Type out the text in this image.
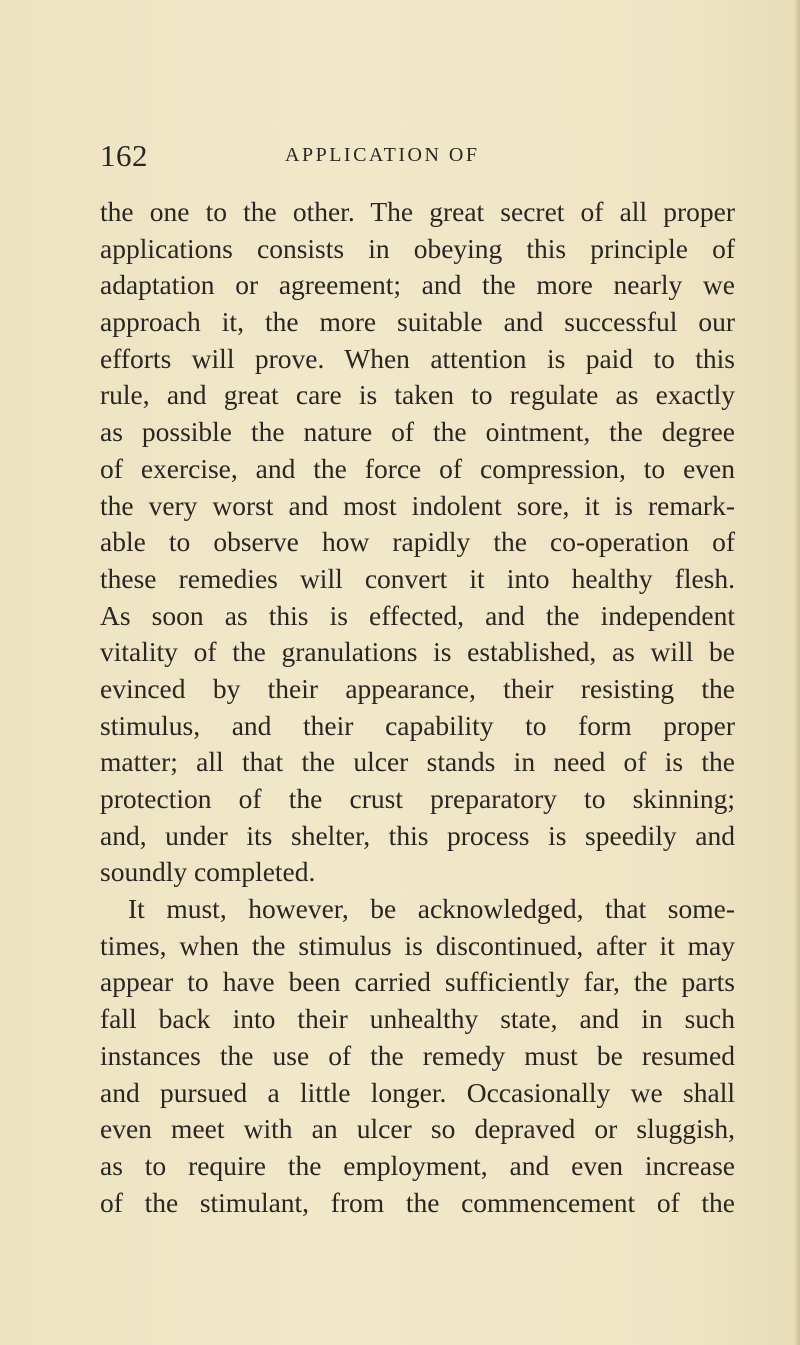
162	APPLICATION OF
the one to the other. The great secret of all proper
applications consists in obeying this principle of
adaptation or agreement; and the more nearly we
approach it, the more suitable and successful our
efforts will prove. When attention is paid to this
rule, and great care is taken to regulate as exactly
as possible the nature of the ointment, the degree
of exercise, and the force of compression, to even
the very worst and most indolent sore, it is remark-
able to observe how rapidly the co-operation of
these remedies will convert it into healthy flesh.
As soon as this is effected, and the independent
vitality of the granulations is established, as will be
evinced by their appearance, their resisting the
stimulus, and their capability to form proper
matter; all that the ulcer stands in need of is the
protection of the crust preparatory to skinning;
and, under its shelter, this process is speedily and
soundly completed.
It must, however, be acknowledged, that some-
times, when the stimulus is discontinued, after it may
appear to have been carried sufficiently far, the parts
fall back into their unhealthy state, and in such
instances the use of the remedy must be resumed
and pursued a little longer. Occasionally we shall
even meet with an ulcer so depraved or sluggish,
as to require the employment, and even increase
of the stimulant, from the commencement of the
